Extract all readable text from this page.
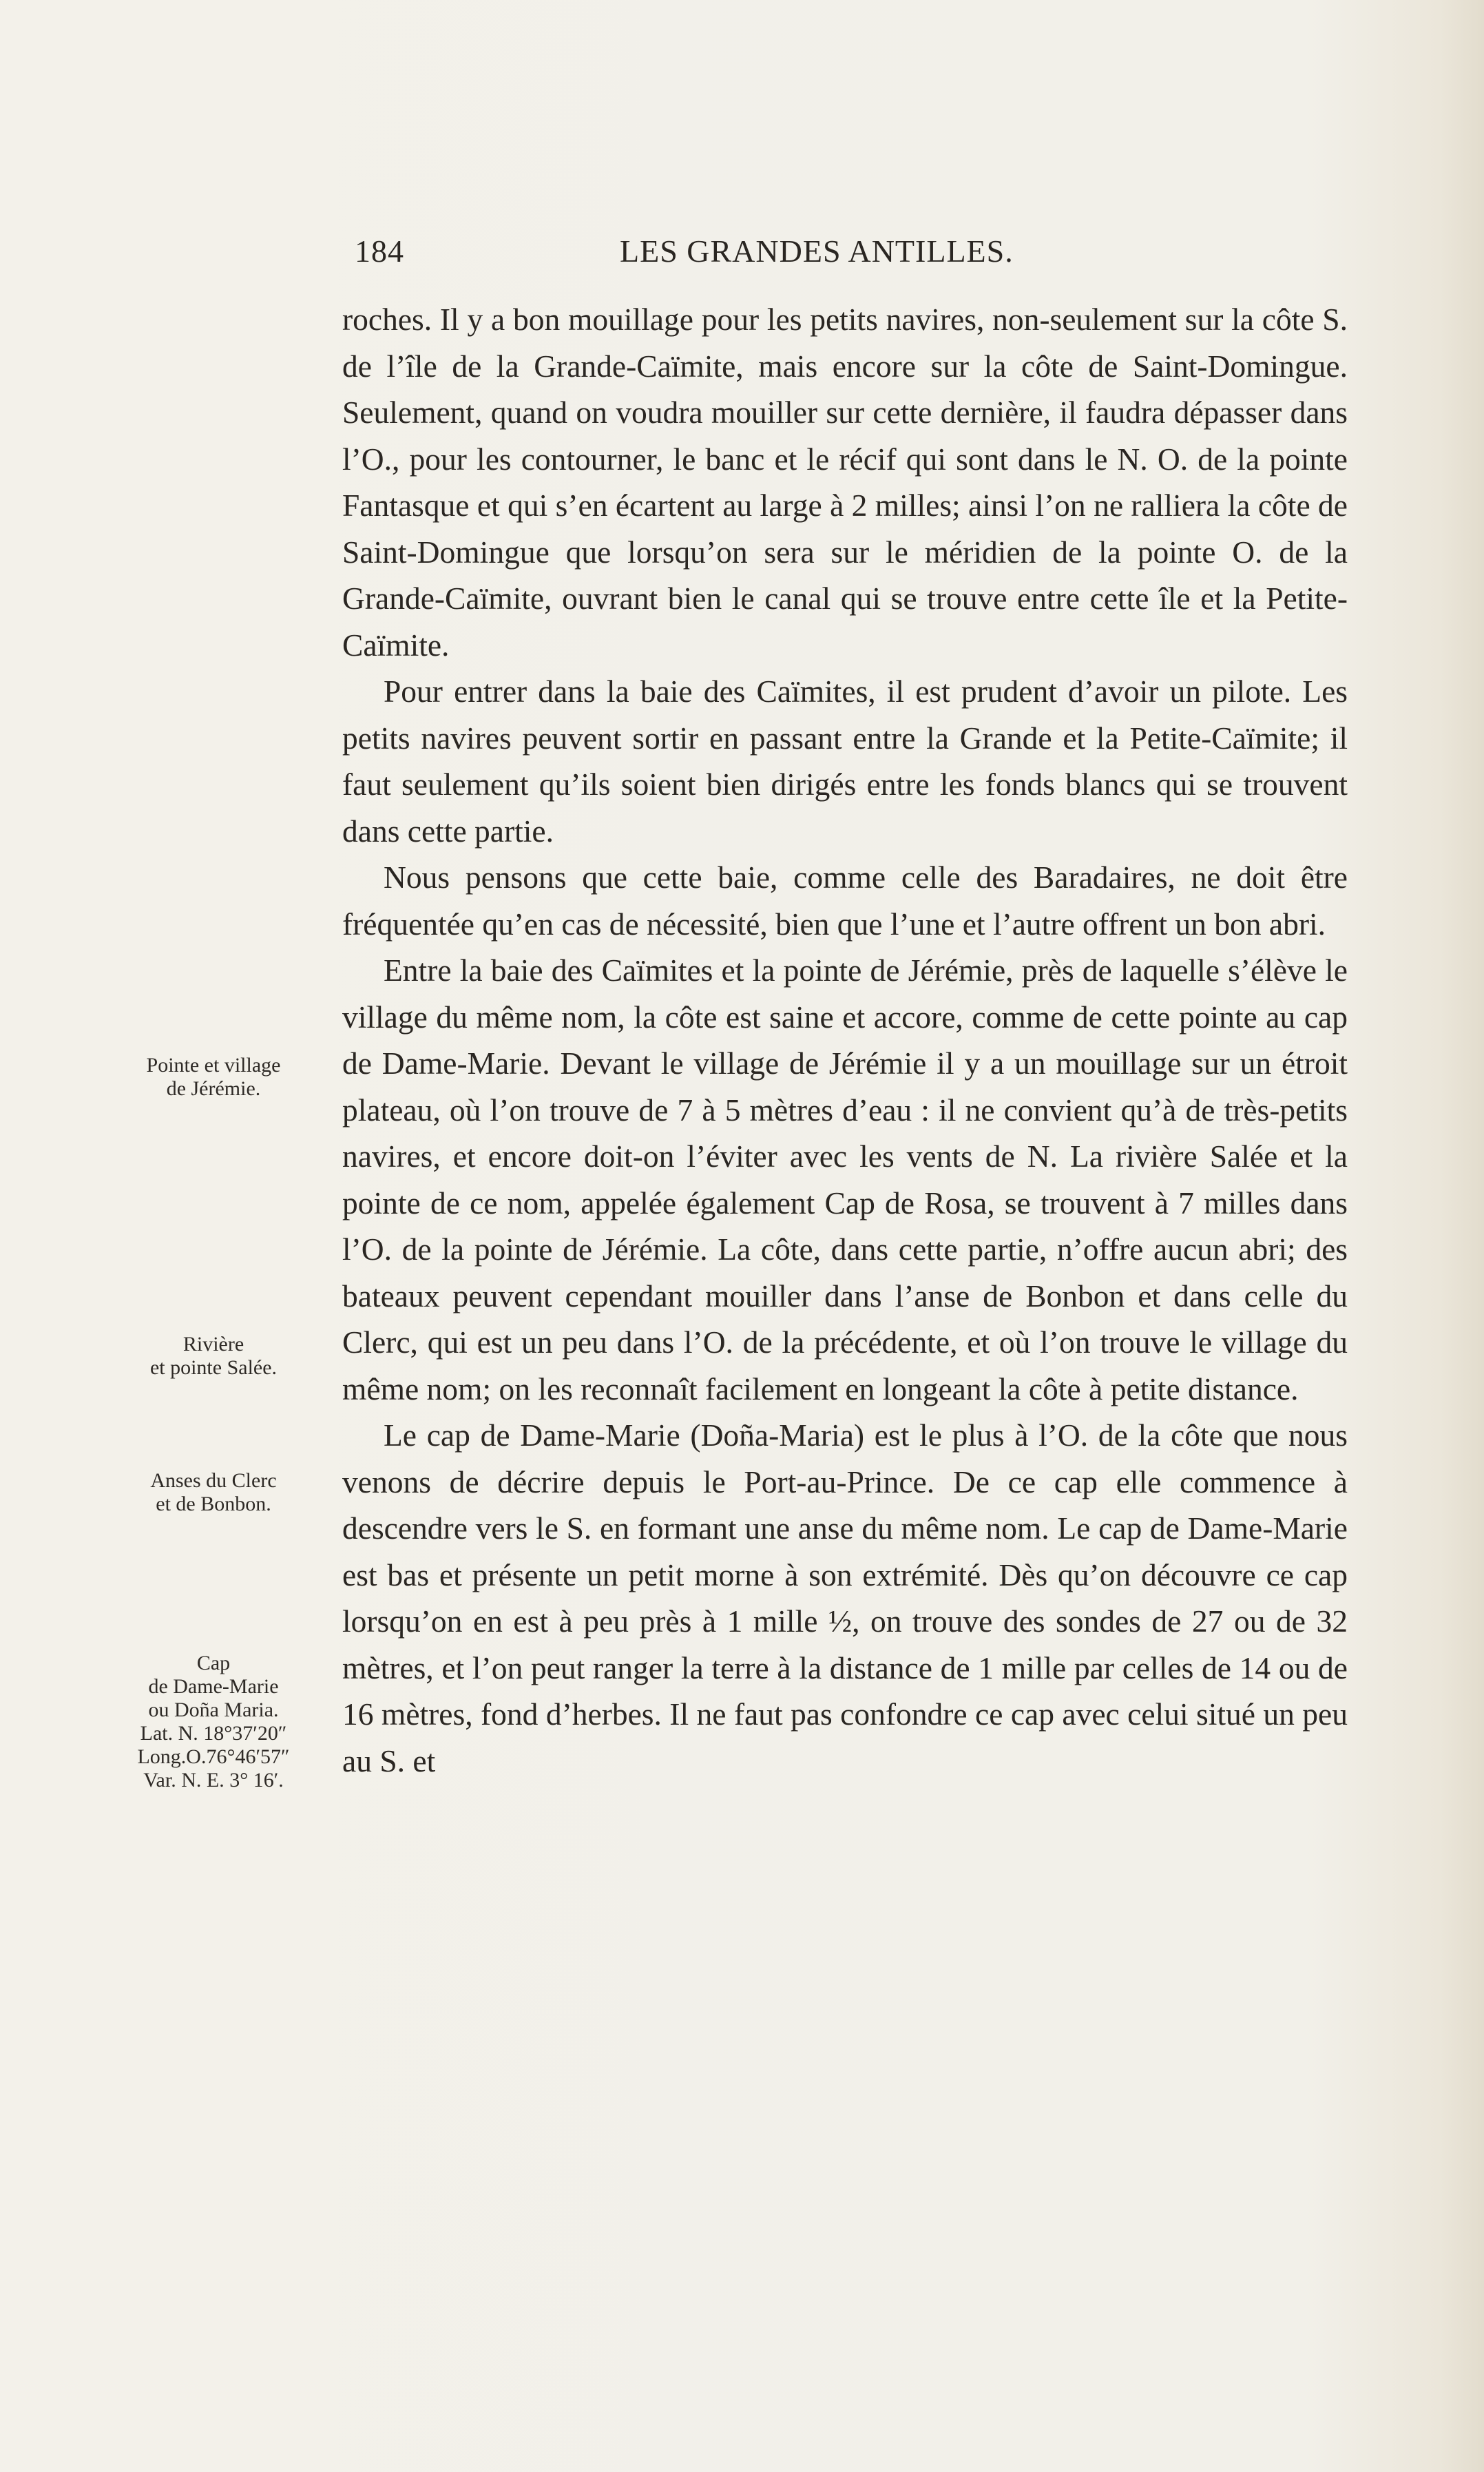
184	LES GRANDES ANTILLES.

roches. Il y a bon mouillage pour les petits navires, non-seulement sur la côte S. de l’île de la Grande-Caïmite, mais encore sur la côte de Saint-Domingue. Seulement, quand on voudra mouiller sur cette dernière, il faudra dépasser dans l’O., pour les contourner, le banc et le récif qui sont dans le N. O. de la pointe Fantasque et qui s’en écartent au large à 2 milles; ainsi l’on ne ralliera la côte de Saint-Domingue que lorsqu’on sera sur le méridien de la pointe O. de la Grande-Caïmite, ouvrant bien le canal qui se trouve entre cette île et la Petite-Caïmite.

Pour entrer dans la baie des Caïmites, il est prudent d’avoir un pilote. Les petits navires peuvent sortir en passant entre la Grande et la Petite-Caïmite; il faut seulement qu’ils soient bien dirigés entre les fonds blancs qui se trouvent dans cette partie.

Nous pensons que cette baie, comme celle des Baradaires, ne doit être fréquentée qu’en cas de nécessité, bien que l’une et l’autre offrent un bon abri.

Entre la baie des Caïmites et la pointe de Jérémie, près de laquelle s’élève le village du même nom, la côte est saine et accore, comme de cette pointe au cap de Dame-Marie. Devant le village de Jérémie il y a un mouillage sur un étroit plateau, où l’on trouve de 7 à 5 mètres d’eau : il ne convient qu’à de très-petits navires, et encore doit-on l’éviter avec les vents de N. La rivière Salée et la pointe de ce nom, appelée également Cap de Rosa, se trouvent à 7 milles dans l’O. de la pointe de Jérémie. La côte, dans cette partie, n’offre aucun abri; des bateaux peuvent cependant mouiller dans l’anse de Bonbon et dans celle du Clerc, qui est un peu dans l’O. de la précédente, et où l’on trouve le village du même nom; on les reconnaît facilement en longeant la côte à petite distance.

Le cap de Dame-Marie (Doña-Maria) est le plus à l’O. de la côte que nous venons de décrire depuis le Port-au-Prince. De ce cap elle commence à descendre vers le S. en formant une anse du même nom. Le cap de Dame-Marie est bas et présente un petit morne à son extrémité. Dès qu’on découvre ce cap lorsqu’on en est à peu près à 1 mille ½, on trouve des sondes de 27 ou de 32 mètres, et l’on peut ranger la terre à la distance de 1 mille par celles de 14 ou de 16 mètres, fond d’herbes. Il ne faut pas confondre ce cap avec celui situé un peu au S. et

Pointe et village
de Jérémie.
Rivière
et pointe Salée.
Anses du Clerc
et de Bonbon.
Cap
de Dame-Marie
ou Doña Maria.
Lat. N. 18°37′20″
Long.O.76°46′57″
Var. N. E. 3° 16′.
